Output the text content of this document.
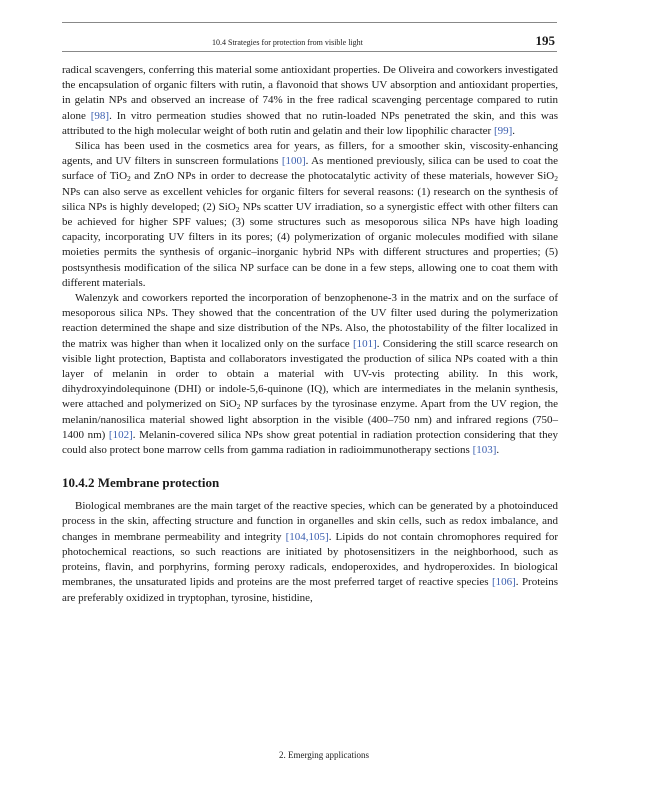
10.4 Strategies for protection from visible light	195

radical scavengers, conferring this material some antioxidant properties. De Oliveira and coworkers investigated the encapsulation of organic filters with rutin, a flavonoid that shows UV absorption and antioxidant properties, in gelatin NPs and observed an increase of 74% in the free radical scavenging percentage compared to rutin alone [98]. In vitro permeation studies showed that no rutin-loaded NPs penetrated the skin, and this was attributed to the high molecular weight of both rutin and gelatin and their low lipophilic character [99].

Silica has been used in the cosmetics area for years, as fillers, for a smoother skin, viscosity-enhancing agents, and UV filters in sunscreen formulations [100]. As mentioned previously, silica can be used to coat the surface of TiO$_2$ and ZnO NPs in order to decrease the photocatalytic activity of these materials, however SiO$_2$ NPs can also serve as excellent vehicles for organic filters for several reasons: (1) research on the synthesis of silica NPs is highly developed; (2) SiO$_2$ NPs scatter UV irradiation, so a synergistic effect with other filters can be achieved for higher SPF values; (3) some structures such as mesoporous silica NPs have high loading capacity, incorporating UV filters in its pores; (4) polymerization of organic molecules modified with silane moieties permits the synthesis of organic–inorganic hybrid NPs with different structures and properties; (5) postsynthesis modification of the silica NP surface can be done in a few steps, allowing one to coat them with different materials.

Walenzyk and coworkers reported the incorporation of benzophenone-3 in the matrix and on the surface of mesoporous silica NPs. They showed that the concentration of the UV filter used during the polymerization reaction determined the shape and size distribution of the NPs. Also, the photostability of the filter localized in the matrix was higher than when it localized only on the surface [101]. Considering the still scarce research on visible light protection, Baptista and collaborators investigated the production of silica NPs coated with a thin layer of melanin in order to obtain a material with UV-vis protecting ability. In this work, dihydroxyindolequinone (DHI) or indole-5,6-quinone (IQ), which are intermediates in the melanin synthesis, were attached and polymerized on SiO$_2$ NP surfaces by the tyrosinase enzyme. Apart from the UV region, the melanin/nanosilica material showed light absorption in the visible (400–750 nm) and infrared regions (750–1400 nm) [102]. Melanin-covered silica NPs show great potential in radiation protection considering that they could also protect bone marrow cells from gamma radiation in radioimmunotherapy sections [103].

10.4.2 Membrane protection

Biological membranes are the main target of the reactive species, which can be generated by a photoinduced process in the skin, affecting structure and function in organelles and skin cells, such as redox imbalance, and changes in membrane permeability and integrity [104,105]. Lipids do not contain chromophores required for photochemical reactions, so such reactions are initiated by photosensitizers in the neighborhood, such as proteins, flavin, and porphyrins, forming peroxy radicals, endoperoxides, and hydroperoxides. In biological membranes, the unsaturated lipids and proteins are the most preferred target of reactive species [106]. Proteins are preferably oxidized in tryptophan, tyrosine, histidine,

2. Emerging applications
